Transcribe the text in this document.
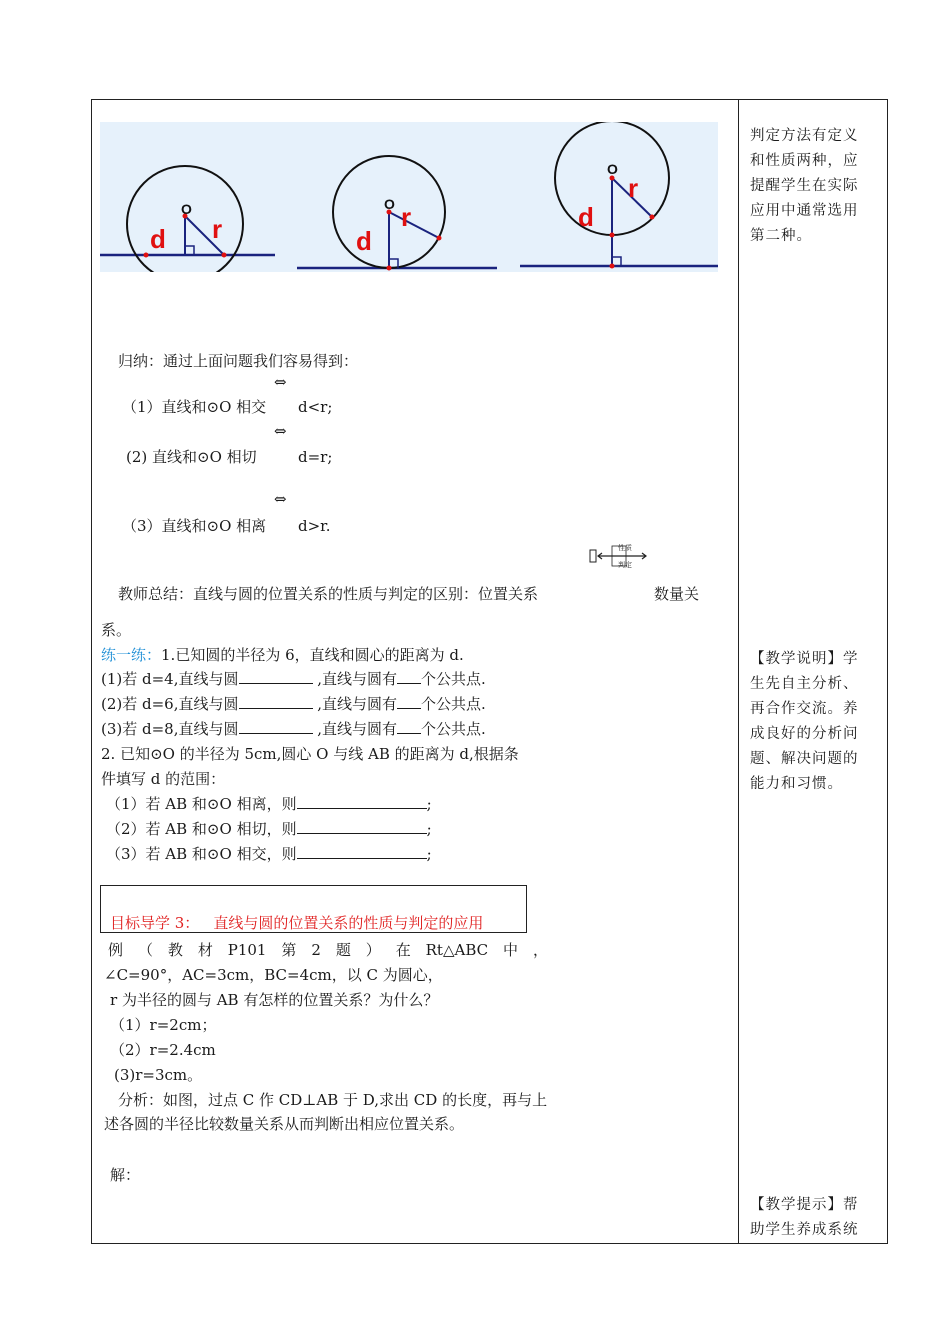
O
d r
O
d
r
O
d
r
归纳：通过上面问题我们容易得到：
⇔
（1）直线和⊙O 相交 d<r;
⇔
(2) 直线和⊙O 相切	d=r;
⇔
（3）直线和⊙O 相离 d>r.
性质
判定
教师总结：直线与圆的位置关系的性质与判定的区别：位置关系	数量关
系。
练一练：1.已知圆的半径为 6，直线和圆心的距离为 d.
(1)若 d=4,直线与圆	,直线与圆有 个公共点.
(2)若 d=6,直线与圆	,直线与圆有 个公共点.
(3)若 d=8,直线与圆	,直线与圆有 个公共点.
2. 已知⊙O 的半径为 5cm,圆心 O 与线 AB 的距离为 d,根据条
件填写 d 的范围：
（1）若 AB 和⊙O 相离，则	;
（2）若 AB 和⊙O 相切，则	;
（3）若 AB 和⊙O 相交，则	;
目标导学 3： 直线与圆的位置关系的性质与判定的应用
例 （ 教 材 P101 第 2 题 ） 在 Rt△ABC 中 ，
∠C=90°，AC=3cm，BC=4cm，以 C 为圆心，
r 为半径的圆与 AB 有怎样的位置关系？为什么？
（1）r=2cm；
（2）r=2.4cm
(3)r=3cm。
分析：如图，过点 C 作 CD⊥AB 于 D,求出 CD 的长度，再与上
述各圆的半径比较数量关系从而判断出相应位置关系。
解：
判定方法有定义和性质两种，应提醒学生在实际应用中通常选用第二种。
【教学说明】学生先自主分析、再合作交流。养成良好的分析问题、解决问题的能力和习惯。
【教学提示】帮助学生养成系统
